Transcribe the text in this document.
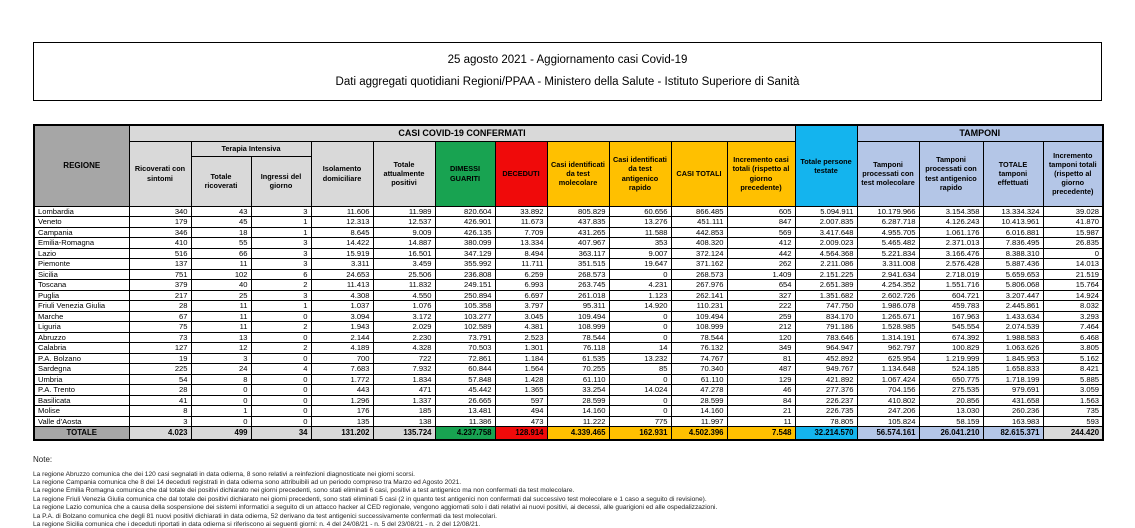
25 agosto 2021 - Aggiornamento casi Covid-19
Dati aggregati quotidiani Regioni/PPAA - Ministero della Salute - Istituto Superiore di Sanità
REGIONE	CASI COVID-19 CONFERMATI											Totale persone testate	TAMPONI			
	Ricoverati con sintomi	Terapia Intensiva		Isolamento domiciliare	Totale attualmente positivi	DIMESSI GUARITI	DECEDUTI	Casi identificati da test molecolare	Casi identificati da test antigenico rapido	CASI TOTALI	Incremento casi totali (rispetto al giorno precedente)		Tamponi processati con test molecolare	Tamponi processati con test antigenico rapido	TOTALE tamponi effettuati	Incremento tamponi totali (rispetto al giorno precedente)
		Totale ricoverati	Ingressi del giorno													
Lombardia	340	43	3	11.606	11.989	820.604	33.892	805.829	60.656	866.485	605	5.094.911	10.179.966	3.154.358	13.334.324	39.028
Veneto	179	45	1	12.313	12.537	426.901	11.673	437.835	13.276	451.111	847	2.007.835	6.287.718	4.126.243	10.413.961	41.870
Campania	346	18	1	8.645	9.009	426.135	7.709	431.265	11.588	442.853	569	3.417.648	4.955.705	1.061.176	6.016.881	15.987
Emilia-Romagna	410	55	3	14.422	14.887	380.099	13.334	407.967	353	408.320	412	2.009.023	5.465.482	2.371.013	7.836.495	26.835
Lazio	516	66	3	15.919	16.501	347.129	8.494	363.117	9.007	372.124	442	4.564.368	5.221.834	3.166.476	8.388.310	0
Piemonte	137	11	3	3.311	3.459	355.992	11.711	351.515	19.647	371.162	262	2.211.086	3.311.008	2.576.428	5.887.436	14.013
Sicilia	751	102	6	24.653	25.506	236.808	6.259	268.573	0	268.573	1.409	2.151.225	2.941.634	2.718.019	5.659.653	21.519
Toscana	379	40	2	11.413	11.832	249.151	6.993	263.745	4.231	267.976	654	2.651.389	4.254.352	1.551.716	5.806.068	15.764
Puglia	217	25	3	4.308	4.550	250.894	6.697	261.018	1.123	262.141	327	1.351.682	2.602.726	604.721	3.207.447	14.924
Friuli Venezia Giulia	28	11	1	1.037	1.076	105.358	3.797	95.311	14.920	110.231	222	747.750	1.986.078	459.783	2.445.861	8.032
Marche	67	11	0	3.094	3.172	103.277	3.045	109.494	0	109.494	259	834.170	1.265.671	167.963	1.433.634	3.293
Liguria	75	11	2	1.943	2.029	102.589	4.381	108.999	0	108.999	212	791.186	1.528.985	545.554	2.074.539	7.464
Abruzzo	73	13	0	2.144	2.230	73.791	2.523	78.544	0	78.544	120	783.646	1.314.191	674.392	1.988.583	6.468
Calabria	127	12	2	4.189	4.328	70.503	1.301	76.118	14	76.132	349	964.947	962.797	100.829	1.063.626	3.805
P.A. Bolzano	19	3	0	700	722	72.861	1.184	61.535	13.232	74.767	81	452.892	625.954	1.219.999	1.845.953	5.162
Sardegna	225	24	4	7.683	7.932	60.844	1.564	70.255	85	70.340	487	949.767	1.134.648	524.185	1.658.833	8.421
Umbria	54	8	0	1.772	1.834	57.848	1.428	61.110	0	61.110	129	421.892	1.067.424	650.775	1.718.199	5.885
P.A. Trento	28	0	0	443	471	45.442	1.365	33.254	14.024	47.278	46	277.376	704.156	275.535	979.691	3.059
Basilicata	41	0	0	1.296	1.337	26.665	597	28.599	0	28.599	84	226.237	410.802	20.856	431.658	1.563
Molise	8	1	0	176	185	13.481	494	14.160	0	14.160	21	226.735	247.206	13.030	260.236	735
Valle d'Aosta	3	0	0	135	138	11.386	473	11.222	775	11.997	11	78.805	105.824	58.159	163.983	593
TOTALE	4.023	499	34	131.202	135.724	4.237.758	128.914	4.339.465	162.931	4.502.396	7.548	32.214.570	56.574.161	26.041.210	82.615.371	244.420
Note:
La regione Abruzzo comunica che dei 120 casi segnalati in data odierna, 8 sono relativi a reinfezioni diagnosticate nei giorni scorsi.
La regione Campania comunica che 8 dei 14 deceduti registrati in data odierna sono attribuibili ad un periodo compreso tra Marzo ed Agosto 2021.
La regione Emilia Romagna comunica che dal totale dei positivi dichiarato nei giorni precedenti, sono stati eliminati 6 casi, positivi a test antigenico ma non confermati da test molecolare.
La regione Friuli Venezia Giulia comunica che dal totale dei positivi dichiarato nei giorni precedenti, sono stati eliminati 5 casi (2 in quanto test antigenici non confermati dal successivo test molecolare e 1 caso a seguito di revisione).
La regione Lazio comunica che a causa della sospensione dei sistemi informatici a seguito di un attacco hacker al CED regionale, vengono aggiornati solo i dati relativi ai nuovi positivi, ai decessi, alle guarigioni ed alle ospedalizzazioni.
La P.A. di Bolzano comunica che degli 81 nuovi positivi dichiarati in data odierna, 52 derivano da test antigenici successivamente confermati da test molecolari.
La regione Sicilia comunica che i deceduti riportati in data odierna si riferiscono ai seguenti giorni: n. 4 del 24/08/21 - n. 5 del 23/08/21 - n. 2 del 12/08/21.
